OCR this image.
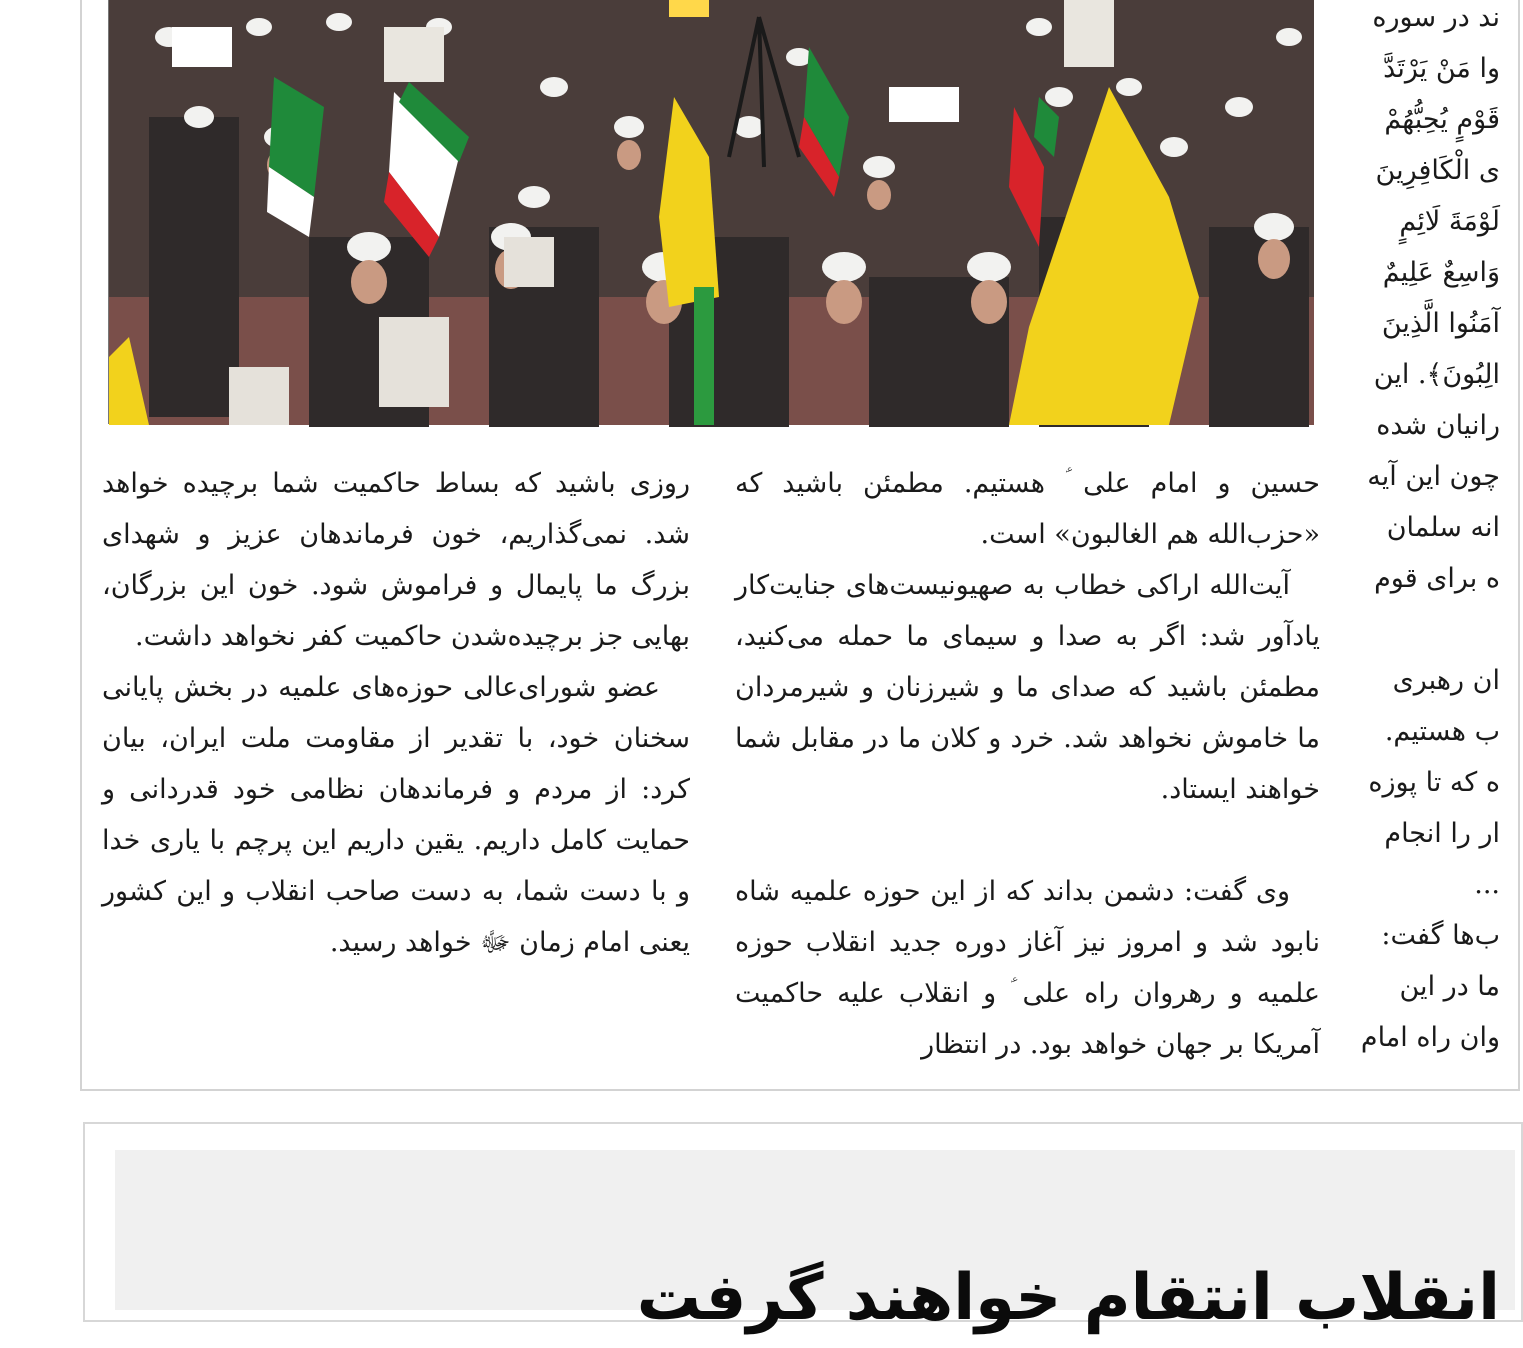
روزی باشید که بساط حاکمیت شما برچیده خواهد شد. نمی‌گذاریم، خون فرماندهان عزیز و شهدای بزرگ ما پایمال و فراموش شود. خون این بزرگان، بهایی جز برچیده‌شدن حاکمیت کفر نخواهد داشت.

عضو شورای‌عالی حوزه‌های علمیه در بخش پایانی سخنان خود، با تقدیر از مقاومت ملت ایران، بیان کرد: از مردم و فرماندهان نظامی خود قدردانی و حمایت کامل داریم. یقین داریم این پرچم با یاری خدا و با دست شما، به دست صاحب انقلاب و این کشور یعنی امام زمان ﷻ خواهد رسید.

حسین و امام علی ؑ هستیم. مطمئن باشید که «حزب‌الله هم الغالبون» است.

آیت‌الله اراکی خطاب به صهیونیست‌های جنایت‌کار یادآور شد: اگر به صدا و سیمای ما حمله می‌کنید، مطمئن باشید که صدای ما و شیرزنان و شیرمردان ما خاموش نخواهد شد. خرد و کلان ما در مقابل شما خواهند ایستاد.

وی گفت: دشمن بداند که از این حوزه علمیه شاه نابود شد و امروز نیز آغاز دوره جدید انقلاب حوزه علمیه و رهروان راه علی ؑ و انقلاب علیه حاکمیت آمریکا بر جهان خواهد بود. در انتظار

ند در سوره
وا مَنْ يَرْتَدَّ
قَوْمٍ يُحِبُّهُمْ
ى الْكَافِرِينَ
لَوْمَةَ لَائِمٍ
وَاسِعٌ عَلِيمٌ
آمَنُوا الَّذِينَ
الِبُونَ﴾. این
رانیان شده
چون این آیه
انه سلمان
ه برای قوم
ان رهبری
ب هستیم.
ه که تا پوزه
ار را انجام
...
ب‌ها گفت:
ما در این
وان راه امام
